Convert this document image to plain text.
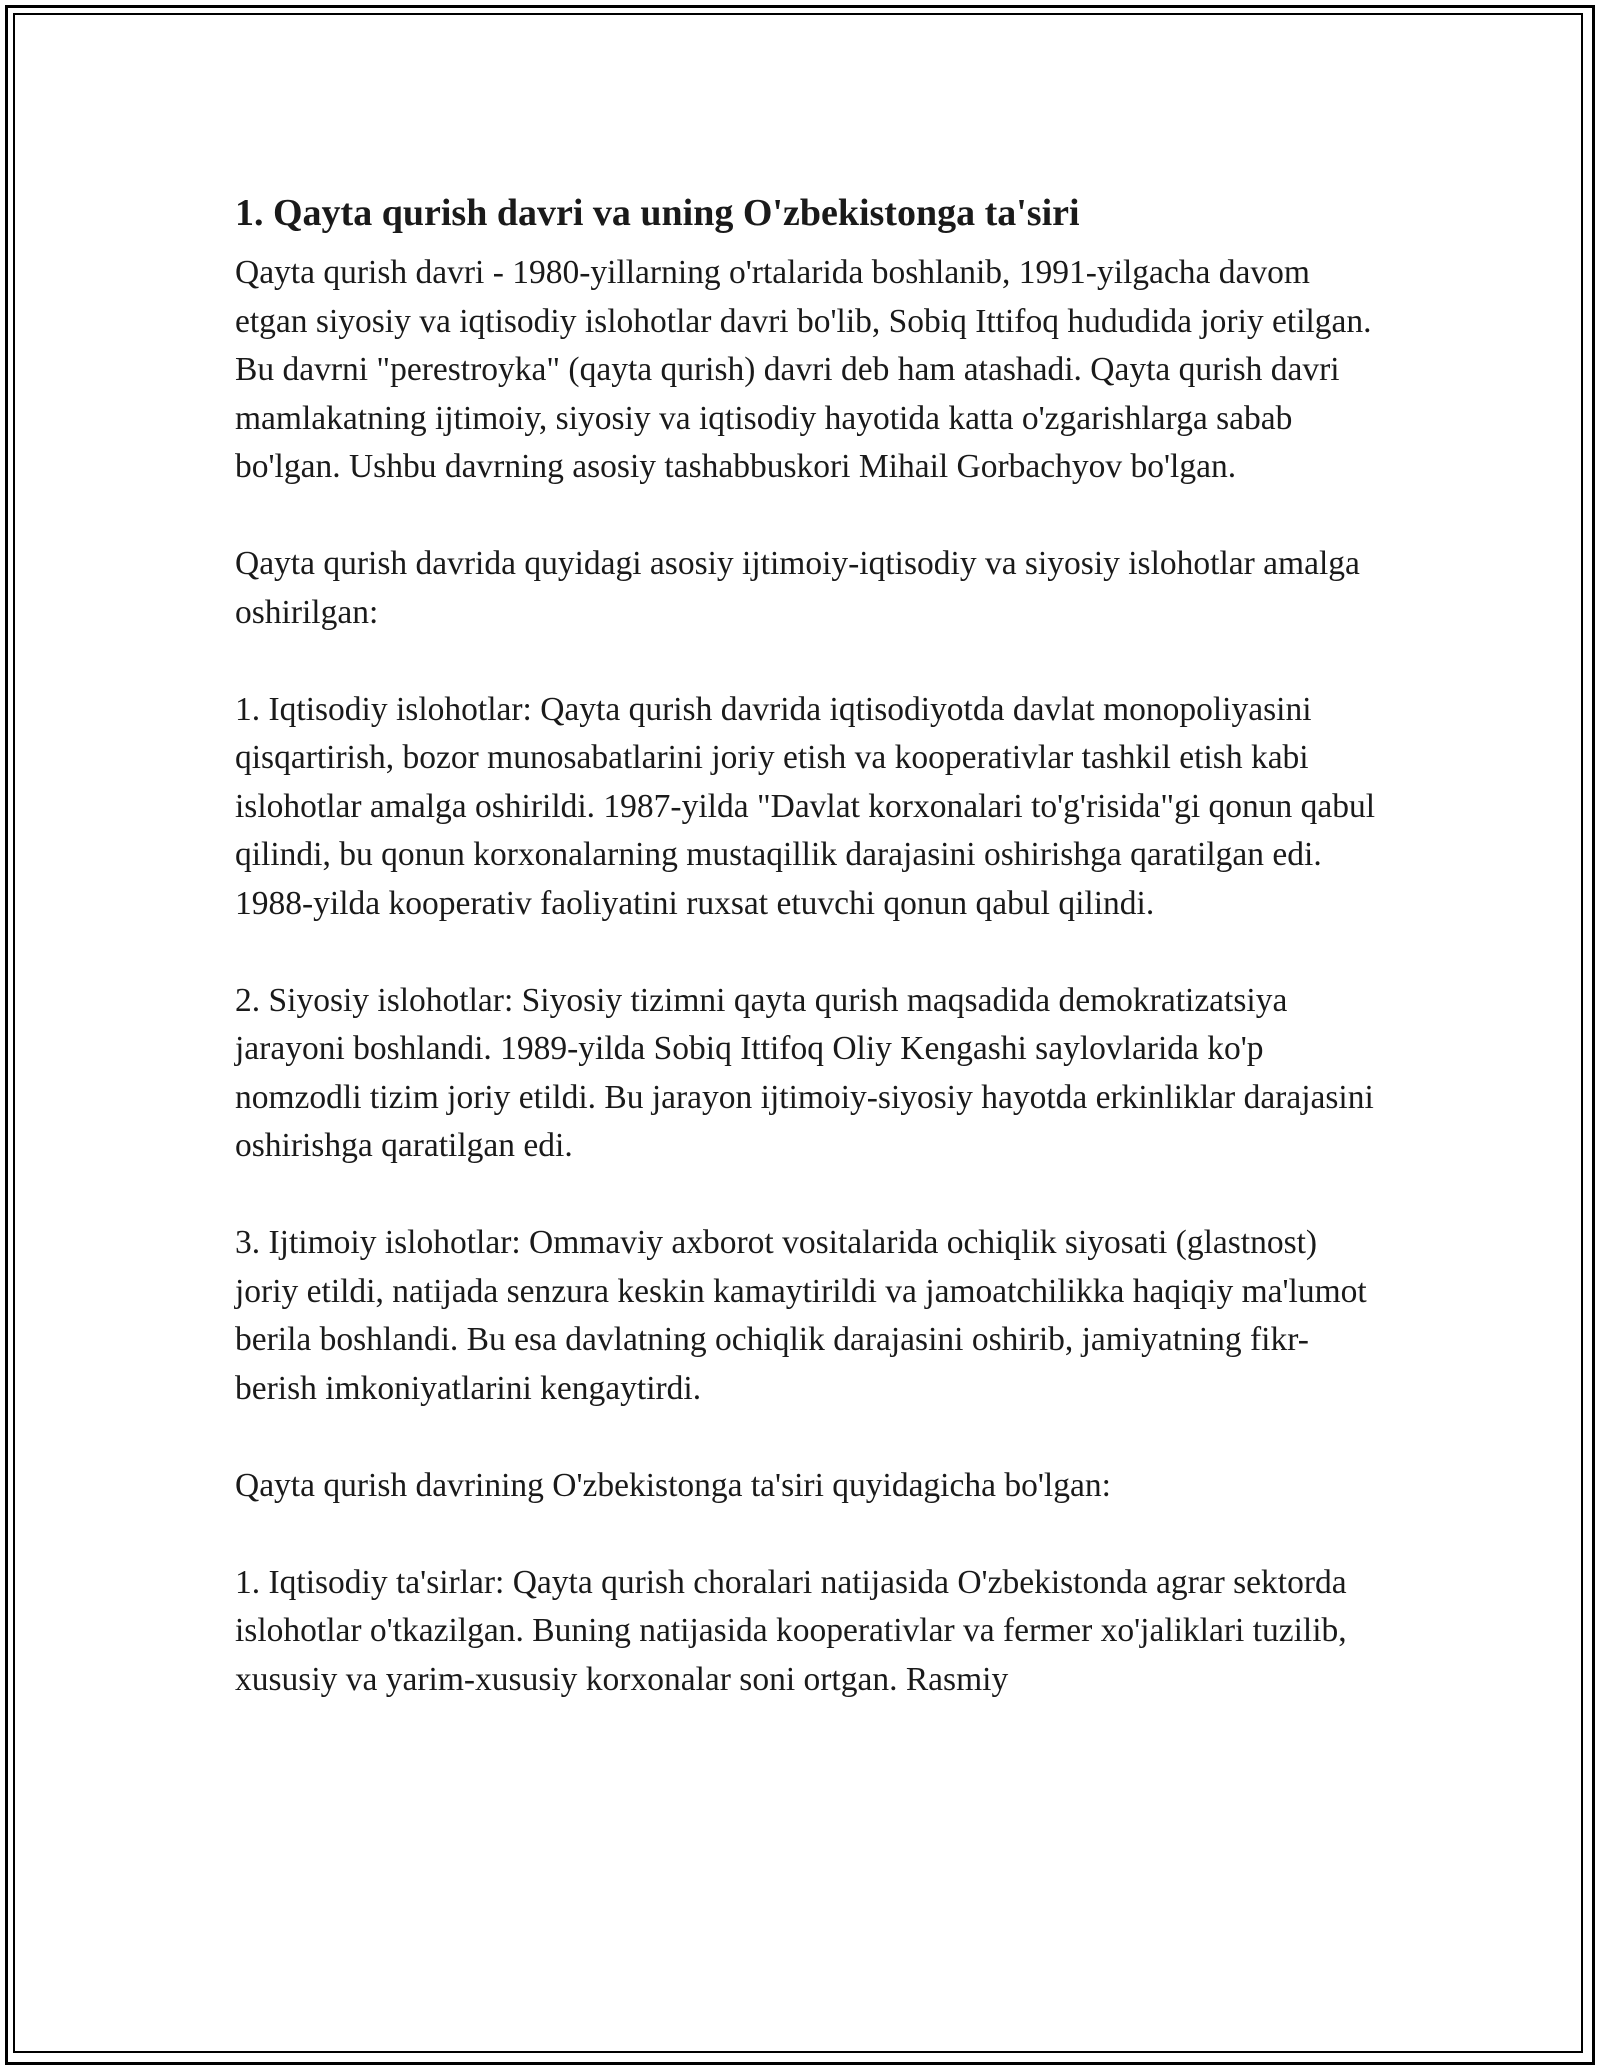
1. Qayta qurish davri va uning O'zbekistonga ta'siri

Qayta qurish davri - 1980-yillarning o'rtalarida boshlanib, 1991-yilgacha davom etgan siyosiy va iqtisodiy islohotlar davri bo'lib, Sobiq Ittifoq hududida joriy etilgan. Bu davrni "perestroyka" (qayta qurish) davri deb ham atashadi. Qayta qurish davri mamlakatning ijtimoiy, siyosiy va iqtisodiy hayotida katta o'zgarishlarga sabab bo'lgan. Ushbu davrning asosiy tashabbuskori Mihail Gorbachyov bo'lgan.

Qayta qurish davrida quyidagi asosiy ijtimoiy-iqtisodiy va siyosiy islohotlar amalga oshirilgan:

1. Iqtisodiy islohotlar: Qayta qurish davrida iqtisodiyotda davlat monopoliyasini qisqartirish, bozor munosabatlarini joriy etish va kooperativlar tashkil etish kabi islohotlar amalga oshirildi. 1987-yilda "Davlat korxonalari to'g'risida"gi qonun qabul qilindi, bu qonun korxonalarning mustaqillik darajasini oshirishga qaratilgan edi. 1988-yilda kooperativ faoliyatini ruxsat etuvchi qonun qabul qilindi.

2. Siyosiy islohotlar: Siyosiy tizimni qayta qurish maqsadida demokratizatsiya jarayoni boshlandi. 1989-yilda Sobiq Ittifoq Oliy Kengashi saylovlarida ko'p nomzodli tizim joriy etildi. Bu jarayon ijtimoiy-siyosiy hayotda erkinliklar darajasini oshirishga qaratilgan edi.

3. Ijtimoiy islohotlar: Ommaviy axborot vositalarida ochiqlik siyosati (glastnost) joriy etildi, natijada senzura keskin kamaytirildi va jamoatchilikka haqiqiy ma'lumot berila boshlandi. Bu esa davlatning ochiqlik darajasini oshirib, jamiyatning fikr-berish imkoniyatlarini kengaytirdi.

Qayta qurish davrining O'zbekistonga ta'siri quyidagicha bo'lgan:

1. Iqtisodiy ta'sirlar: Qayta qurish choralari natijasida O'zbekistonda agrar sektorda islohotlar o'tkazilgan. Buning natijasida kooperativlar va fermer xo'jaliklari tuzilib, xususiy va yarim-xususiy korxonalar soni ortgan. Rasmiy
